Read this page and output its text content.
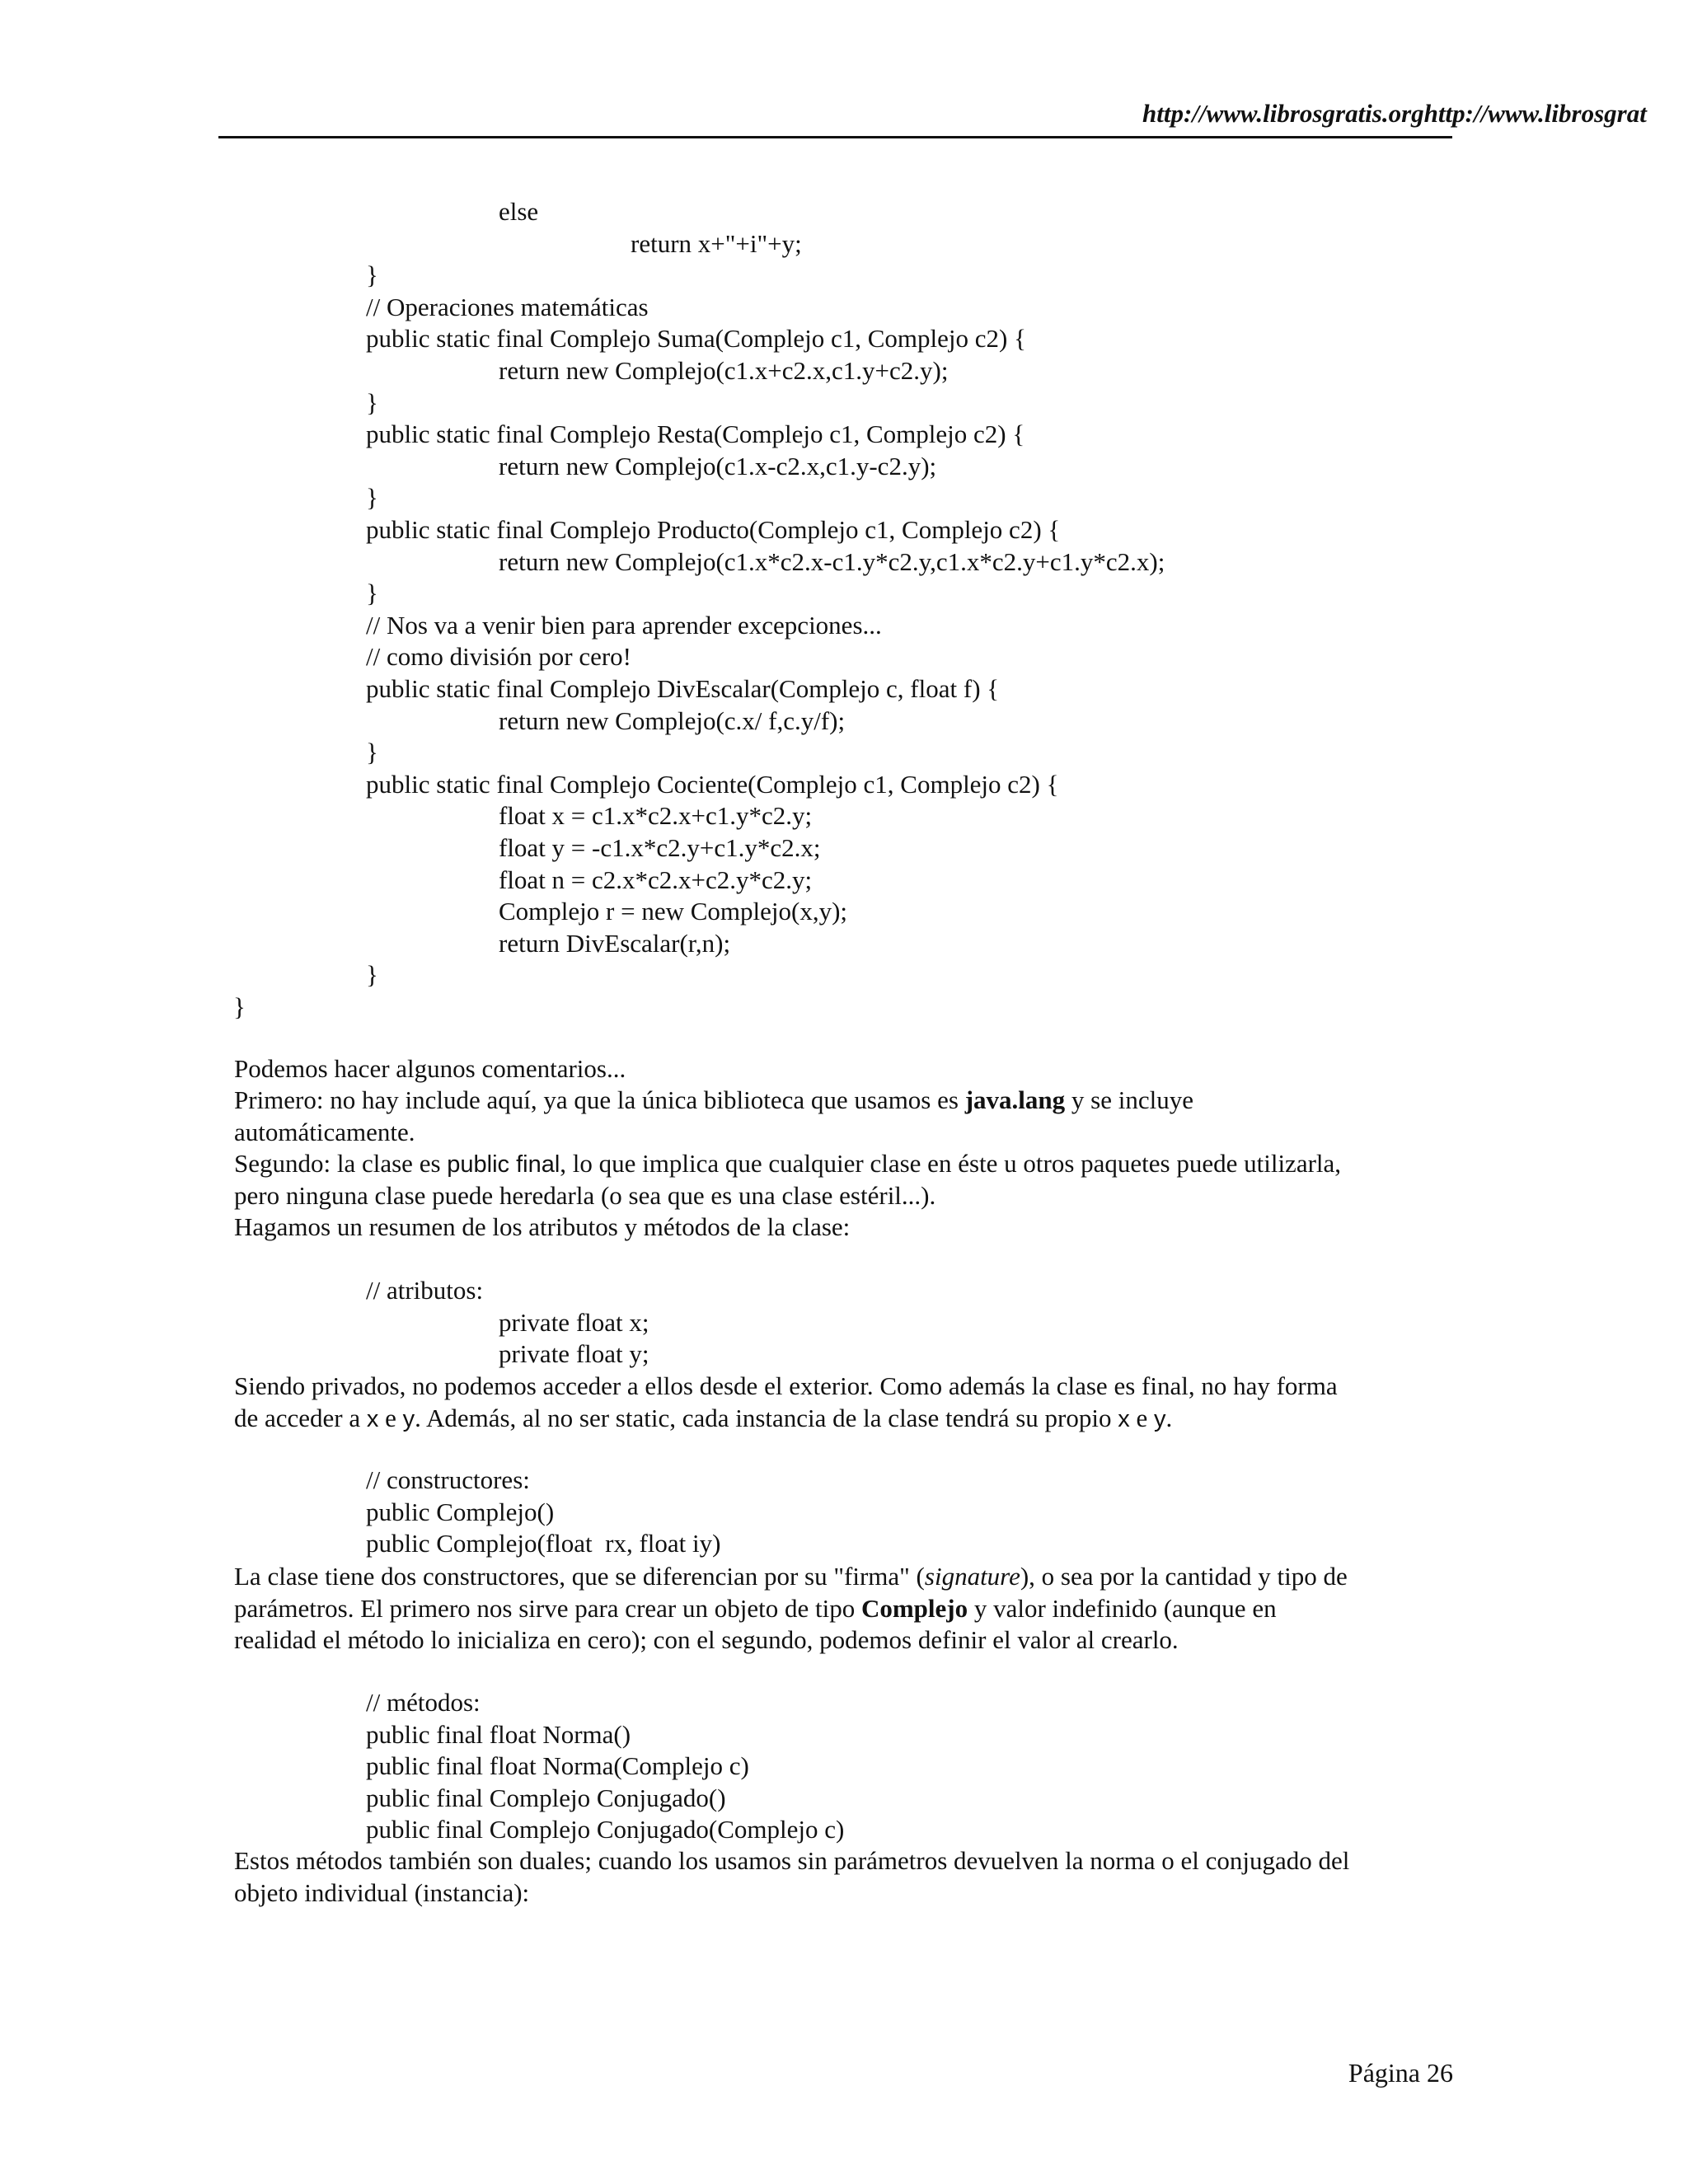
http://www.librosgratis.orghttp://www.librosgrat
else
return x+"+i"+y;
}
// Operaciones matemáticas
public static final Complejo Suma(Complejo c1, Complejo c2) {
return new Complejo(c1.x+c2.x,c1.y+c2.y);
}
public static final Complejo Resta(Complejo c1, Complejo c2) {
return new Complejo(c1.x-c2.x,c1.y-c2.y);
}
public static final Complejo Producto(Complejo c1, Complejo c2) {
return new Complejo(c1.x*c2.x-c1.y*c2.y,c1.x*c2.y+c1.y*c2.x);
}
// Nos va a venir bien para aprender excepciones...
// como división por cero!
public static final Complejo DivEscalar(Complejo c, float f) {
return new Complejo(c.x/ f,c.y/f);
}
public static final Complejo Cociente(Complejo c1, Complejo c2) {
float x = c1.x*c2.x+c1.y*c2.y;
float y = -c1.x*c2.y+c1.y*c2.x;
float n = c2.x*c2.x+c2.y*c2.y;
Complejo r = new Complejo(x,y);
return DivEscalar(r,n);
}
}
Podemos hacer algunos comentarios...
Primero: no hay include aquí, ya que la única biblioteca que usamos es java.lang y se incluye
automáticamente.
Segundo: la clase es public final, lo que implica que cualquier clase en éste u otros paquetes puede utilizarla,
pero ninguna clase puede heredarla (o sea que es una clase estéril...).
Hagamos un resumen de los atributos y métodos de la clase:
// atributos:
private float x;
private float y;
Siendo privados, no podemos acceder a ellos desde el exterior. Como además la clase es final, no hay forma
de acceder a x e y. Además, al no ser static, cada instancia de la clase tendrá su propio x e y.
// constructores:
public Complejo()
public Complejo(float  rx, float iy)
La clase tiene dos constructores, que se diferencian por su "firma" (signature), o sea por la cantidad y tipo de
parámetros. El primero nos sirve para crear un objeto de tipo Complejo y valor indefinido (aunque en
realidad el método lo inicializa en cero); con el segundo, podemos definir el valor al crearlo.
// métodos:
public final float Norma()
public final float Norma(Complejo c)
public final Complejo Conjugado()
public final Complejo Conjugado(Complejo c)
Estos métodos también son duales; cuando los usamos sin parámetros devuelven la norma o el conjugado del
objeto individual (instancia):
Página 26
